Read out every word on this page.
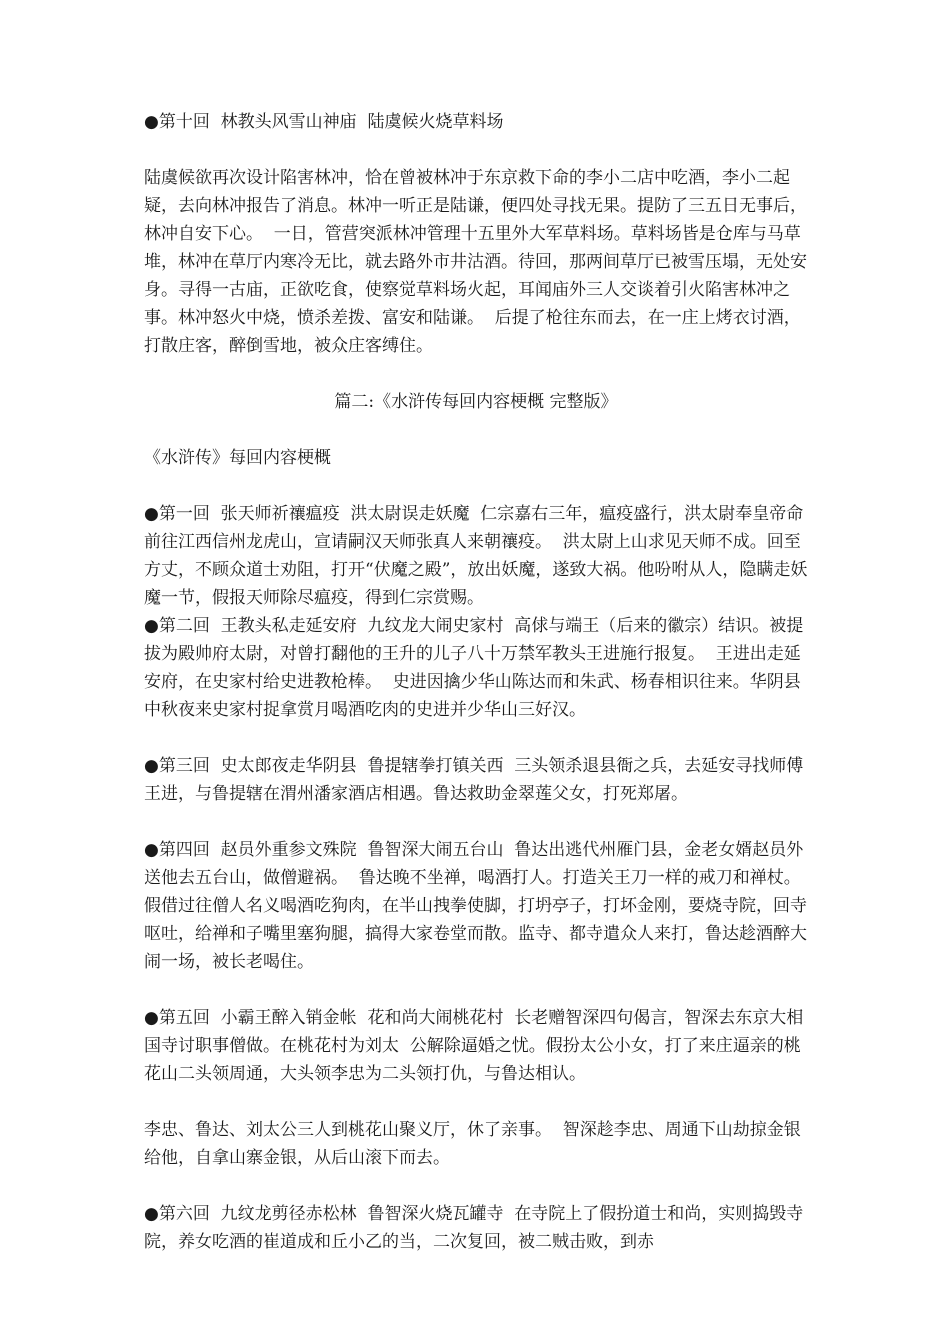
●第十回  林教头风雪山神庙  陆虞候火烧草料场

陆虞候欲再次设计陷害林冲，恰在曾被林冲于东京救下命的李小二店中吃酒，李小二起疑，去向林冲报告了消息。林冲一听正是陆谦，便四处寻找无果。提防了三五日无事后，林冲自安下心。  一日，管营突派林冲管理十五里外大军草料场。草料场皆是仓库与马草堆，林冲在草厅内寒冷无比，就去路外市井沽酒。待回，那两间草厅已被雪压塌，无处安身。寻得一古庙，正欲吃食，使察觉草料场火起，耳闻庙外三人交谈着引火陷害林冲之事。林冲怒火中烧，愤杀差拨、富安和陆谦。  后提了枪往东而去，在一庄上烤衣讨酒，打散庄客，醉倒雪地，被众庄客缚住。

篇二:《水浒传每回内容梗概 完整版》

《水浒传》每回内容梗概

●第一回  张天师祈禳瘟疫  洪太尉误走妖魔  仁宗嘉右三年，瘟疫盛行，洪太尉奉皇帝命前往江西信州龙虎山，宣请嗣汉天师张真人来朝禳疫。  洪太尉上山求见天师不成。回至方丈，不顾众道士劝阻，打开“伏魔之殿”，放出妖魔，遂致大祸。他吩咐从人，隐瞒走妖魔一节，假报天师除尽瘟疫，得到仁宗赏赐。

●第二回  王教头私走延安府  九纹龙大闹史家村  高俅与端王（后来的徽宗）结识。被提拔为殿帅府太尉，对曾打翻他的王升的儿子八十万禁军教头王进施行报复。  王进出走延安府，在史家村给史进教枪棒。  史进因擒少华山陈达而和朱武、杨春相识往来。华阴县中秋夜来史家村捉拿赏月喝酒吃肉的史进并少华山三好汉。

●第三回  史太郎夜走华阴县  鲁提辖拳打镇关西  三头领杀退县衙之兵，去延安寻找师傅王进，与鲁提辖在渭州潘家酒店相遇。鲁达救助金翠莲父女，打死郑屠。

●第四回  赵员外重参文殊院  鲁智深大闹五台山  鲁达出逃代州雁门县，金老女婿赵员外送他去五台山，做僧避祸。  鲁达晚不坐禅，喝酒打人。打造关王刀一样的戒刀和禅杖。假借过往僧人名义喝酒吃狗肉，在半山拽拳使脚，打坍亭子，打坏金刚，要烧寺院，回寺呕吐，给禅和子嘴里塞狗腿，搞得大家卷堂而散。监寺、都寺遣众人来打，鲁达趁酒醉大闹一场，被长老喝住。

●第五回  小霸王醉入销金帐  花和尚大闹桃花村  长老赠智深四句偈言，智深去东京大相国寺讨职事僧做。在桃花村为刘太  公解除逼婚之忧。假扮太公小女，打了来庄逼亲的桃花山二头领周通，大头领李忠为二头领打仇，与鲁达相认。

李忠、鲁达、刘太公三人到桃花山聚义厅，休了亲事。  智深趁李忠、周通下山劫掠金银给他，自拿山寨金银，从后山滚下而去。

●第六回  九纹龙剪径赤松林  鲁智深火烧瓦罐寺  在寺院上了假扮道士和尚，实则捣毁寺院，养女吃酒的崔道成和丘小乙的当，二次复回，被二贼击败，到赤
